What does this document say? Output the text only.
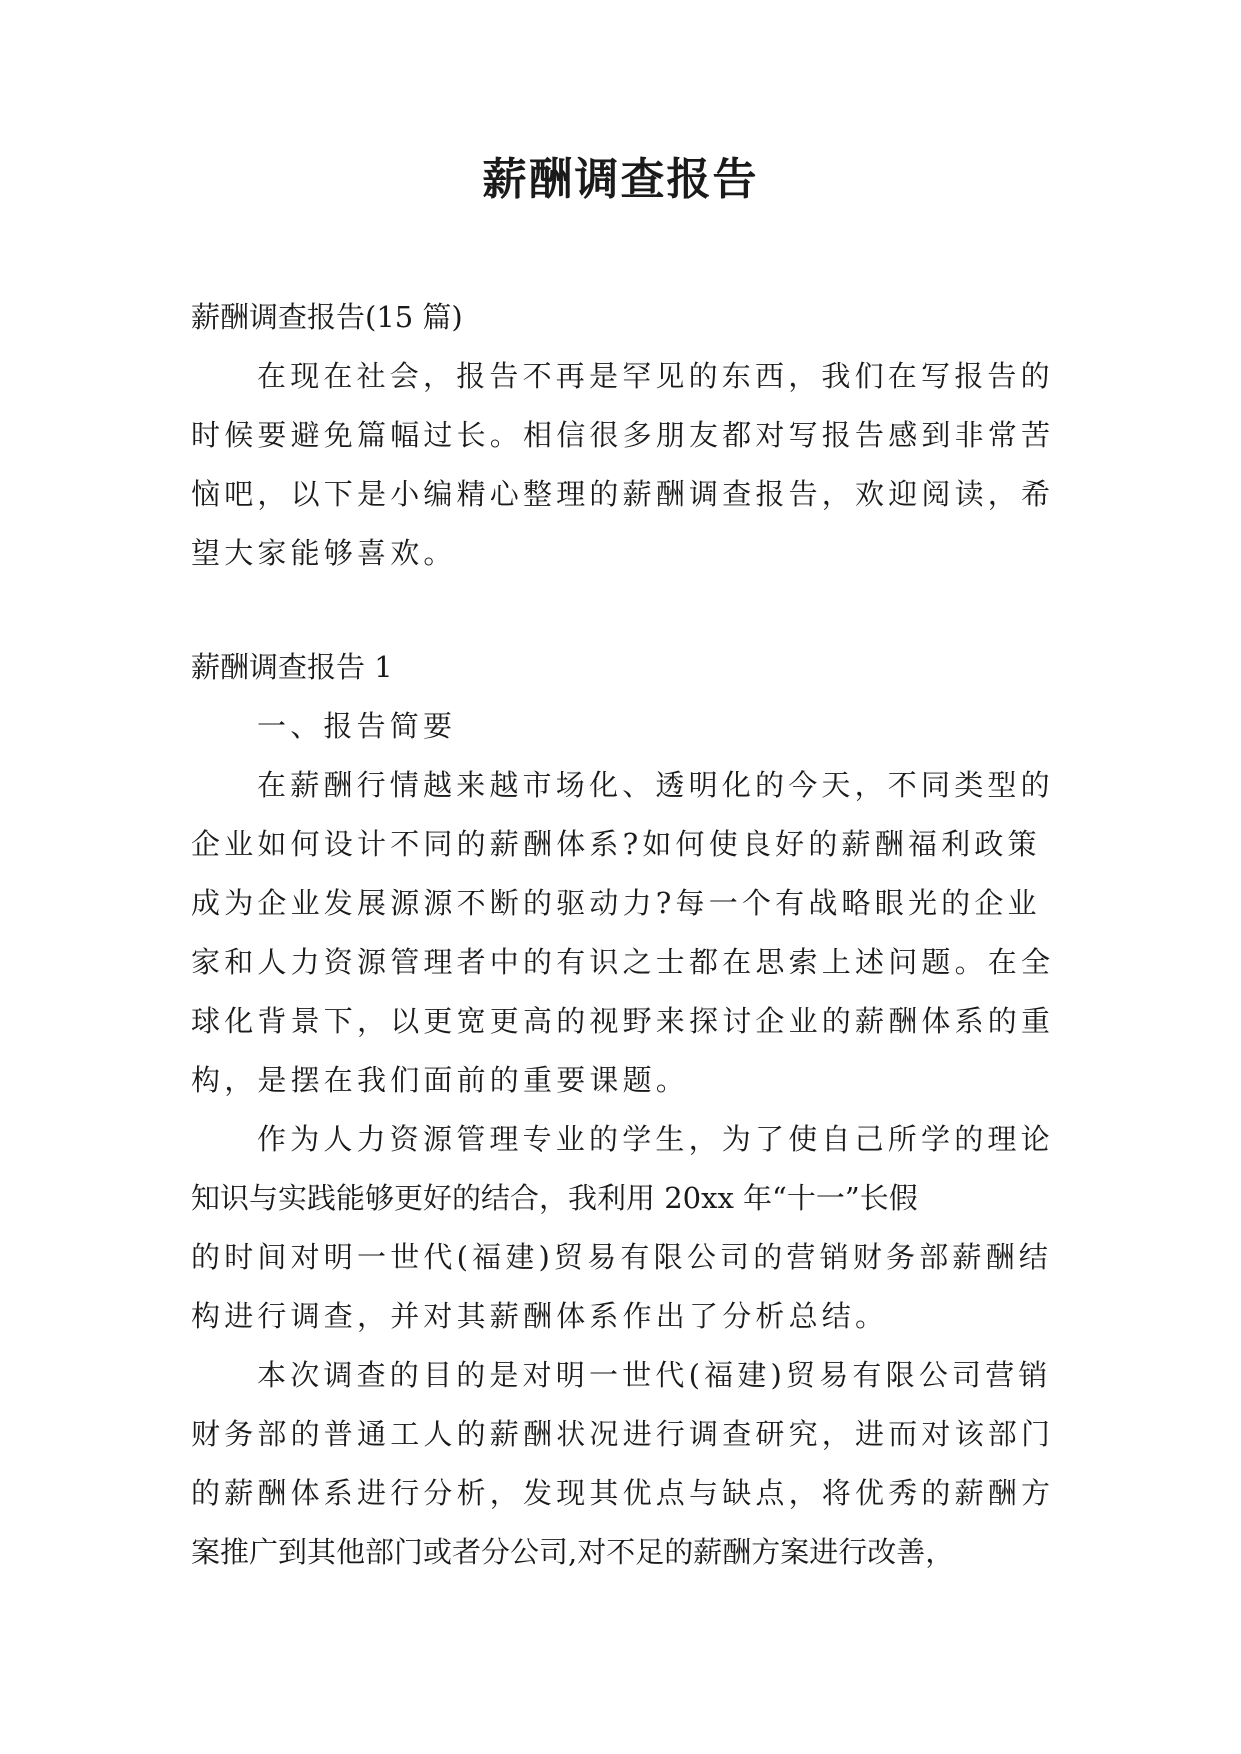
薪酬调查报告
薪酬调查报告(15 篇)
在现在社会，报告不再是罕见的东西，我们在写报告的
时候要避免篇幅过长。相信很多朋友都对写报告感到非常苦
恼吧，以下是小编精心整理的薪酬调查报告，欢迎阅读，希
望大家能够喜欢。
薪酬调查报告 1
一、报告简要
在薪酬行情越来越市场化、透明化的今天，不同类型的
企业如何设计不同的薪酬体系?如何使良好的薪酬福利政策
成为企业发展源源不断的驱动力?每一个有战略眼光的企业
家和人力资源管理者中的有识之士都在思索上述问题。在全
球化背景下，以更宽更高的视野来探讨企业的薪酬体系的重
构，是摆在我们面前的重要课题。
作为人力资源管理专业的学生，为了使自己所学的理论
知识与实践能够更好的结合，我利用 20xx 年“十一”长假
的时间对明一世代(福建)贸易有限公司的营销财务部薪酬结
构进行调查，并对其薪酬体系作出了分析总结。
本次调查的目的是对明一世代(福建)贸易有限公司营销
财务部的普通工人的薪酬状况进行调查研究，进而对该部门
的薪酬体系进行分析，发现其优点与缺点，将优秀的薪酬方
案推广到其他部门或者分公司,对不足的薪酬方案进行改善，
